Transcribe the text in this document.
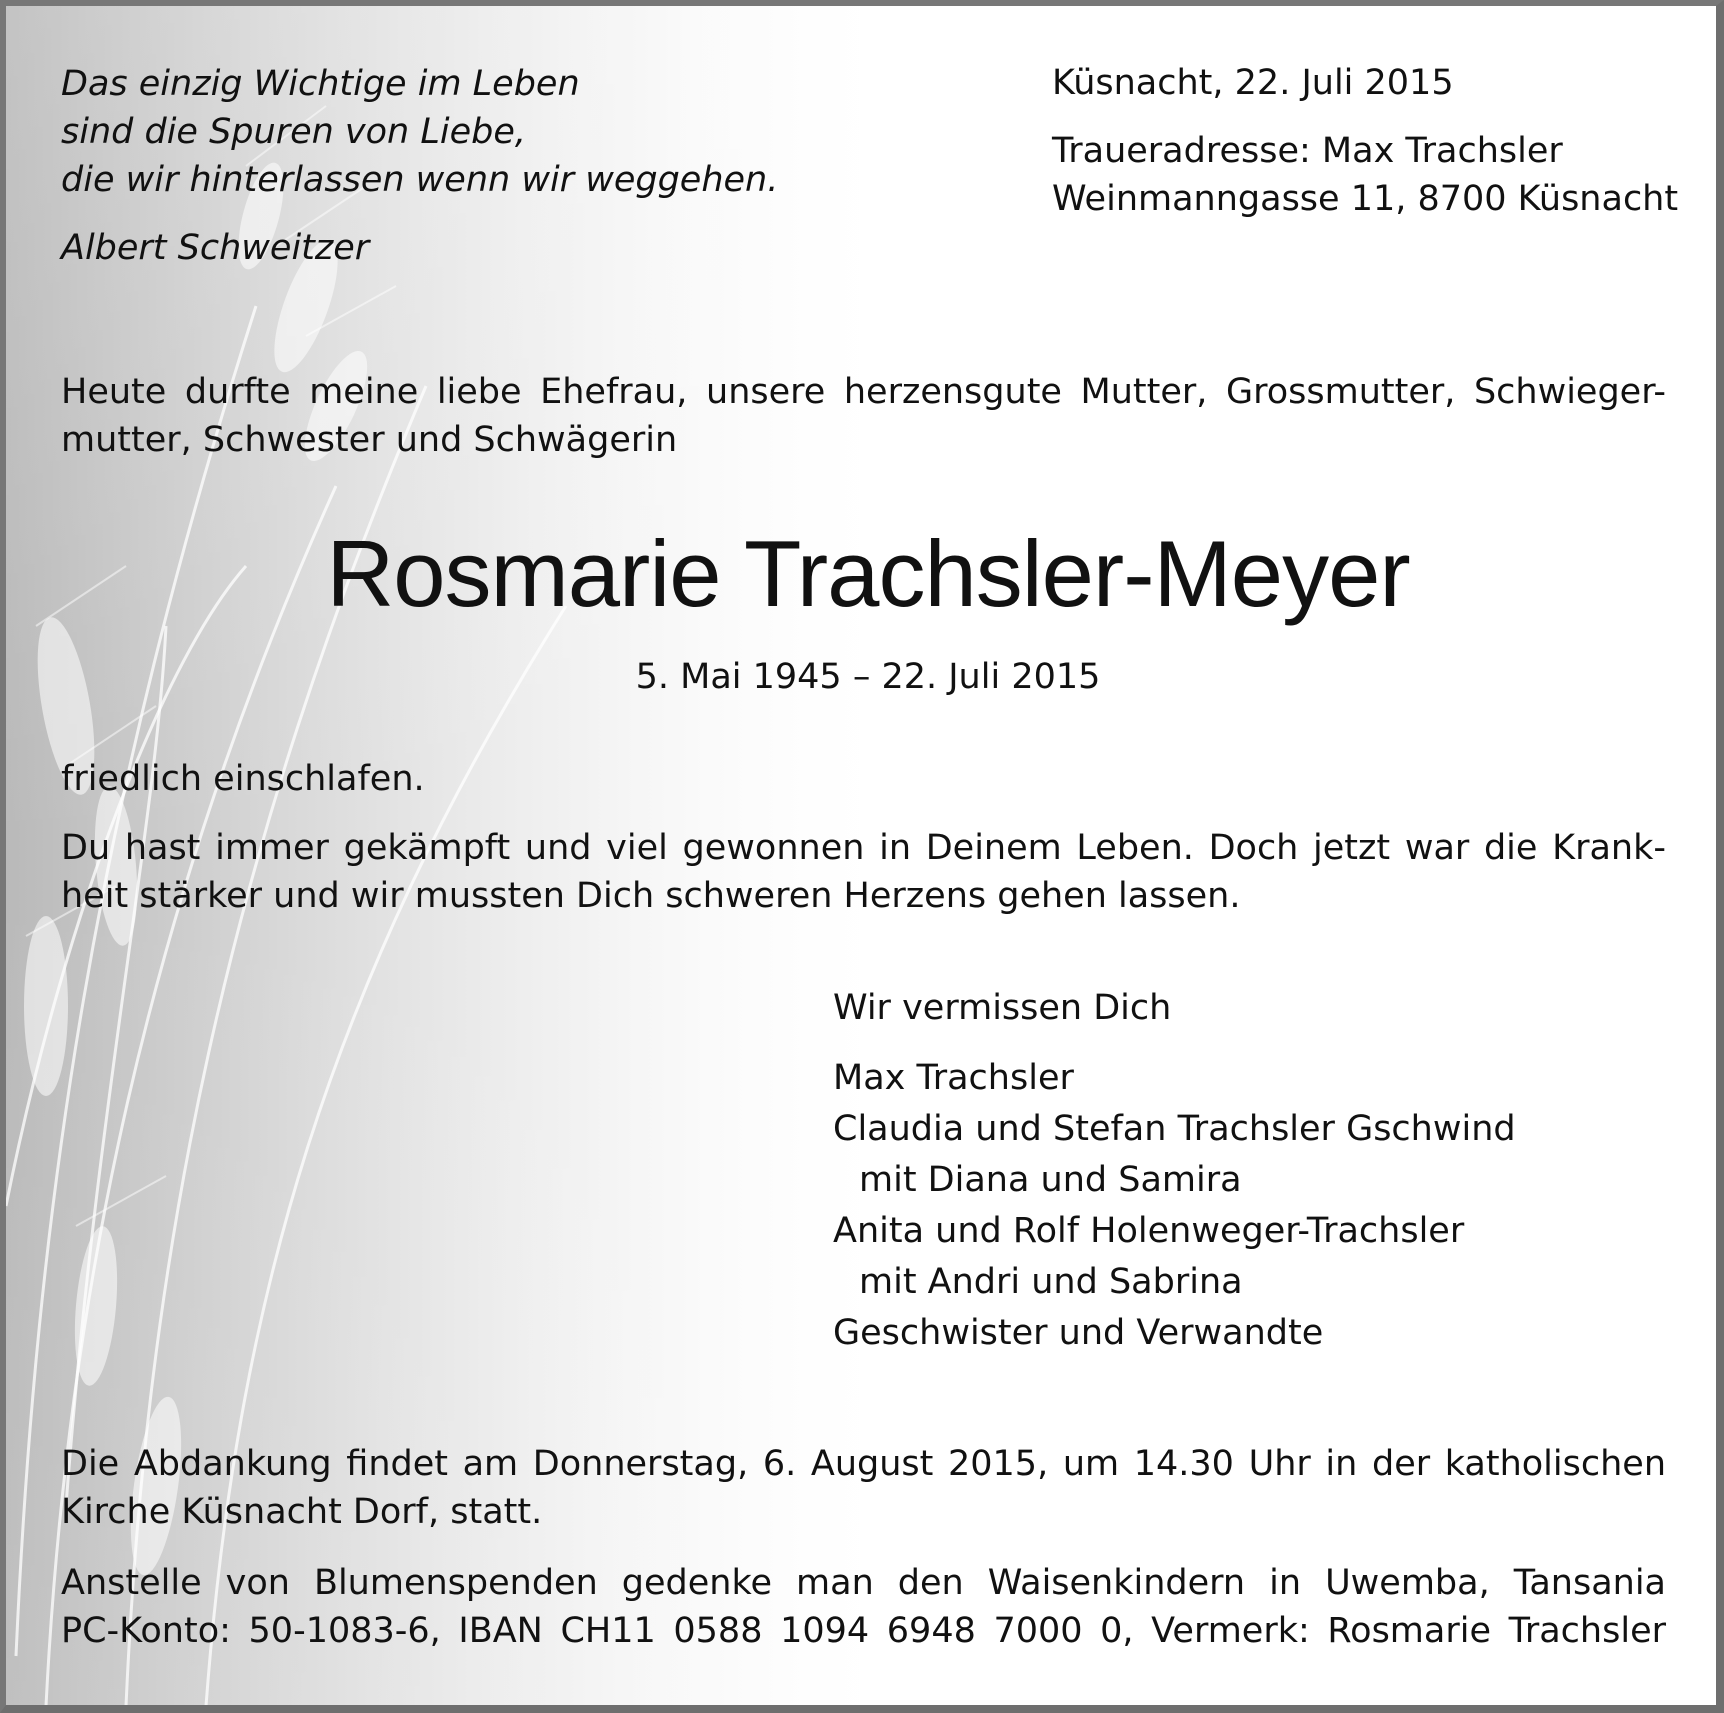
Das einzig Wichtige im Leben
sind die Spuren von Liebe,
die wir hinterlassen wenn wir weggehen.
Albert Schweitzer
Küsnacht, 22. Juli 2015
Traueradresse: Max Trachsler
Weinmanngasse 11, 8700 Küsnacht
Heute durfte meine liebe Ehefrau, unsere herzensgute Mutter, Grossmutter, Schwieger-
mutter, Schwester und Schwägerin
Rosmarie Trachsler-Meyer
5. Mai 1945 – 22. Juli 2015
friedlich einschlafen.
Du hast immer gekämpft und viel gewonnen in Deinem Leben. Doch jetzt war die Krank-
heit stärker und wir mussten Dich schweren Herzens gehen lassen.
Wir vermissen Dich
Max Trachsler
Claudia und Stefan Trachsler Gschwind
mit Diana und Samira
Anita und Rolf Holenweger-Trachsler
mit Andri und Sabrina
Geschwister und Verwandte
Die Abdankung findet am Donnerstag, 6. August 2015, um 14.30 Uhr in der katholischen
Kirche Küsnacht Dorf, statt.
Anstelle von Blumenspenden gedenke man den Waisenkindern in Uwemba, Tansania
PC-Konto: 50-1083-6, IBAN CH11 0588 1094 6948 7000 0, Vermerk: Rosmarie Trachsler
